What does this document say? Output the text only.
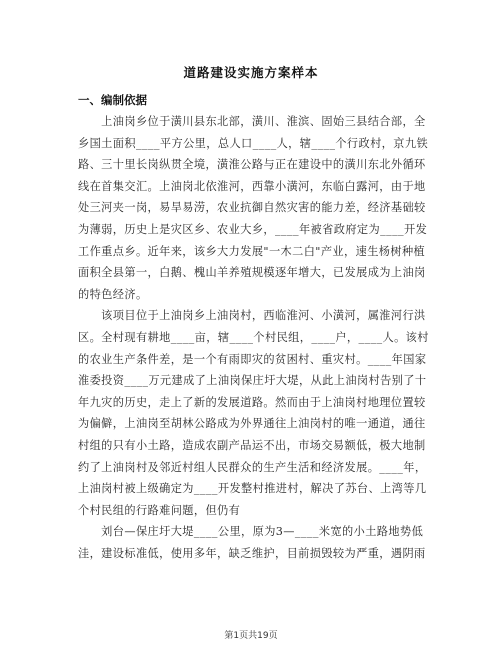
道路建设实施方案样本
一、编制依据
　　上油岗乡位于潢川县东北部，潢川、淮滨、固始三县结合部，全
乡国土面积____平方公里，总人口____人，辖____个行政村，京九铁
路、三十里长岗纵贯全境，潢淮公路与正在建设中的潢川东北外循环
线在首集交汇。上油岗北依淮河，西靠小潢河，东临白露河，由于地
处三河夹一岗，易旱易涝，农业抗御自然灾害的能力差，经济基础较
为薄弱，历史上是灾区乡、农业大乡，____年被省政府定为____开发
工作重点乡。近年来，该乡大力发展"一木二白"产业，速生杨树种植
面积全县第一，白鹅、槐山羊养殖规模逐年增大，已发展成为上油岗
的特色经济。
　　该项目位于上油岗乡上油岗村，西临淮河、小潢河，属淮河行洪
区。全村现有耕地____亩，辖____个村民组，____户，____人。该村
的农业生产条件差，是一个有雨即灾的贫困村、重灾村。____年国家
淮委投资____万元建成了上油岗保庄圩大堤，从此上油岗村告别了十
年九灾的历史，走上了新的发展道路。然而由于上油岗村地理位置较
为偏僻，上油岗至胡林公路成为外界通往上油岗村的唯一通道，通往
村组的只有小土路，造成农副产品运不出，市场交易额低，极大地制
约了上油岗村及邻近村组人民群众的生产生活和经济发展。____年，
上油岗村被上级确定为____开发整村推进村，解决了苏台、上湾等几
个村民组的行路难问题，但仍有
　　刘台—保庄圩大堤____公里，原为3—____米宽的小土路地势低
洼，建设标准低，使用多年，缺乏维护，目前损毁较为严重，遇阴雨
第1页共19页
